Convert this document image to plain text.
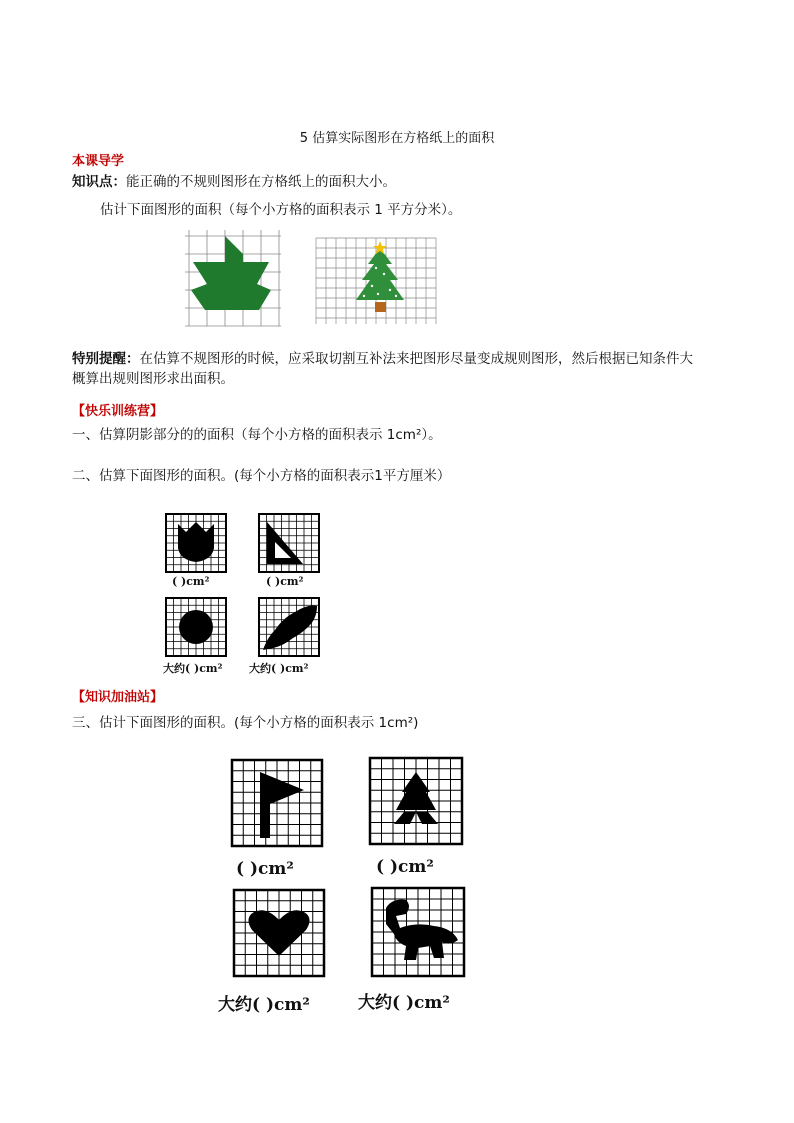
5 估算实际图形在方格纸上的面积
本课导学
知识点：能正确的不规则图形在方格纸上的面积大小。
估计下面图形的面积（每个小方格的面积表示 1 平方分米）。
特别提醒：在估算不规图形的时候，应采取切割互补法来把图形尽量变成规则图形，然后根据已知条件大
概算出规则图形求出面积。
【快乐训练营】
一、估算阴影部分的的面积（每个小方格的面积表示 1cm²）。
二、估算下面图形的面积。(每个小方格的面积表示1平方厘米）
( )cm²	( )cm²
大约( )cm² 大约( )cm²
【知识加油站】
三、估计下面图形的面积。(每个小方格的面积表示 1cm²)
( )cm²	( )cm²
大约( )cm²	大约( )cm²
